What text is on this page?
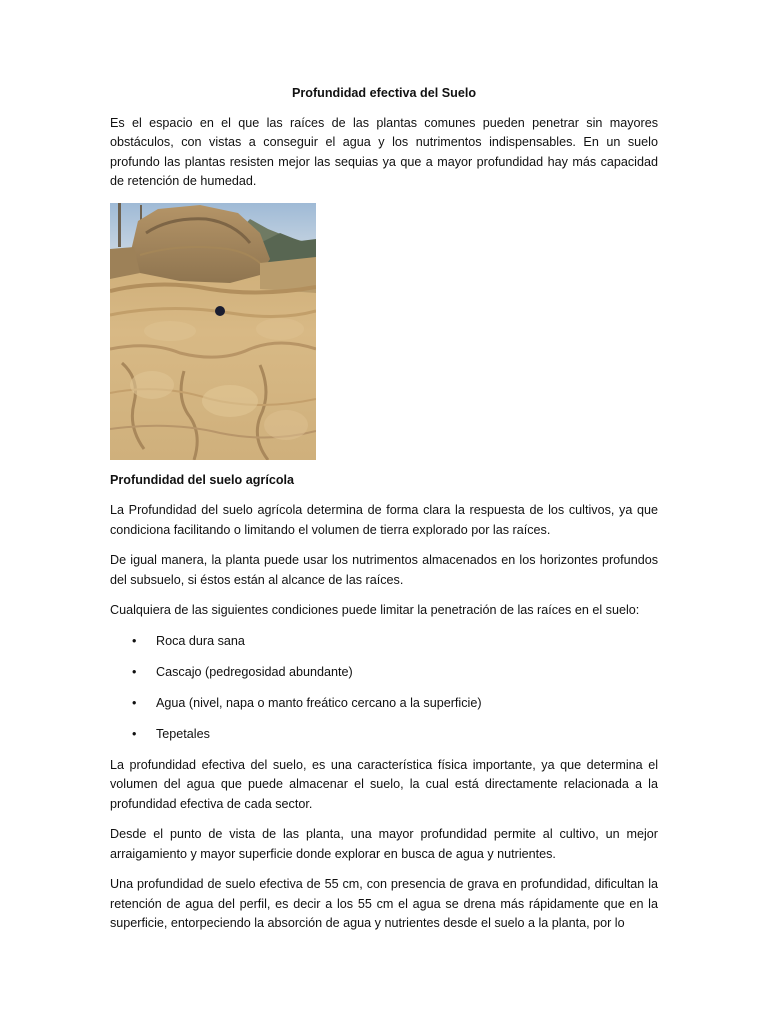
Profundidad efectiva del Suelo

Es el espacio en el que las raíces de las plantas comunes pueden penetrar sin mayores obstáculos, con vistas a conseguir el agua y los nutrimentos indispensables. En un suelo profundo las plantas resisten mejor las sequias ya que a mayor profundidad hay más capacidad de retención de humedad.

Profundidad del suelo agrícola

La Profundidad del suelo agrícola determina de forma clara la respuesta de los cultivos, ya que condiciona facilitando o limitando el volumen de tierra explorado por las raíces.

De igual manera, la planta puede usar los nutrimentos almacenados en los horizontes profundos del subsuelo, si éstos están al alcance de las raíces.

Cualquiera de las siguientes condiciones puede limitar la penetración de las raíces en el suelo:

• Roca dura sana
• Cascajo (pedregosidad abundante)
• Agua (nivel, napa o manto freático cercano a la superficie)
• Tepetales

La profundidad efectiva del suelo, es una característica física importante, ya que determina el volumen del agua que puede almacenar el suelo, la cual está directamente relacionada a la profundidad efectiva de cada sector.

Desde el punto de vista de las planta, una mayor profundidad permite al cultivo, un mejor arraigamiento y mayor superficie donde explorar en busca de agua y nutrientes.

Una profundidad de suelo efectiva de 55 cm, con presencia de grava en profundidad, dificultan la retención de agua del perfil, es decir a los 55 cm el agua se drena más rápidamente que en la superficie, entorpeciendo la absorción de agua y nutrientes desde el suelo a la planta, por lo
